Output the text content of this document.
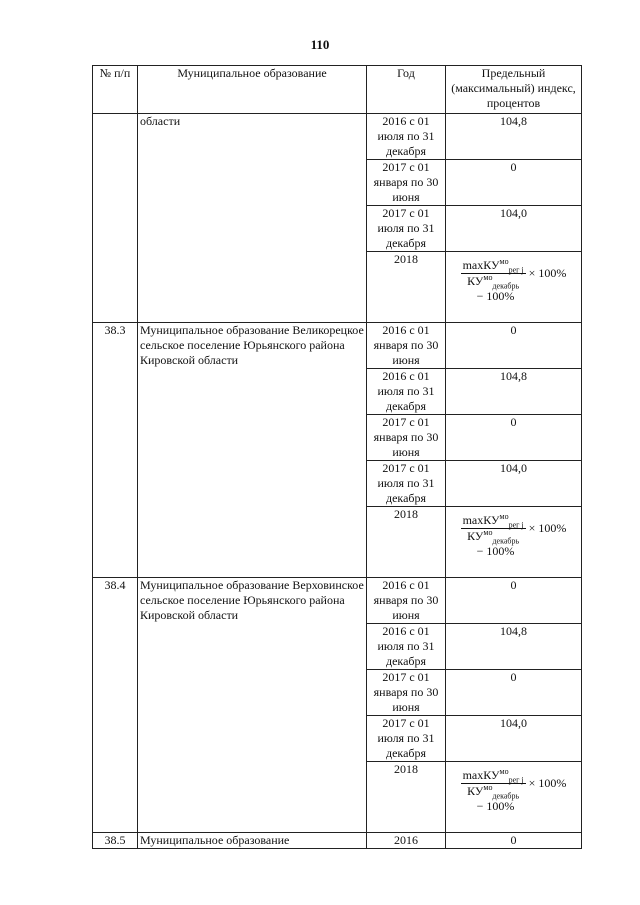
110
№ п/п	Муниципальное образование	Год	Предельный (максимальный) индекс, процентов
	области	2016 с 01 июля по 31 декабря	104,8
		2017 с 01 января по 30 июня	0
		2017 с 01 июля по 31 декабря	104,0
		2018	$\frac{\max КУ^{мо}_{рег j}}{КУ^{мо}_{декабрь}} \times 100\%$
− 100%

38.3	Муниципальное образование Великорецкое сельское поселение Юрьянского района Кировской области	2016 с 01 января по 30 июня	0
		2016 с 01 июля по 31 декабря	104,8
		2017 с 01 января по 30 июня	0
		2017 с 01 июля по 31 декабря	104,0
		2018	$\frac{\max КУ^{мо}_{рег j}}{КУ^{мо}_{декабрь}} \times 100\%$
− 100%

38.4	Муниципальное образование Верховинское сельское поселение Юрьянского района Кировской области	2016 с 01 января по 30 июня	0
		2016 с 01 июля по 31 декабря	104,8
		2017 с 01 января по 30 июня	0
		2017 с 01 июля по 31 декабря	104,0
		2018	$\frac{\max КУ^{мо}_{рег j}}{КУ^{мо}_{декабрь}} \times 100\%$
− 100%

38.5	Муниципальное образование	2016	0
